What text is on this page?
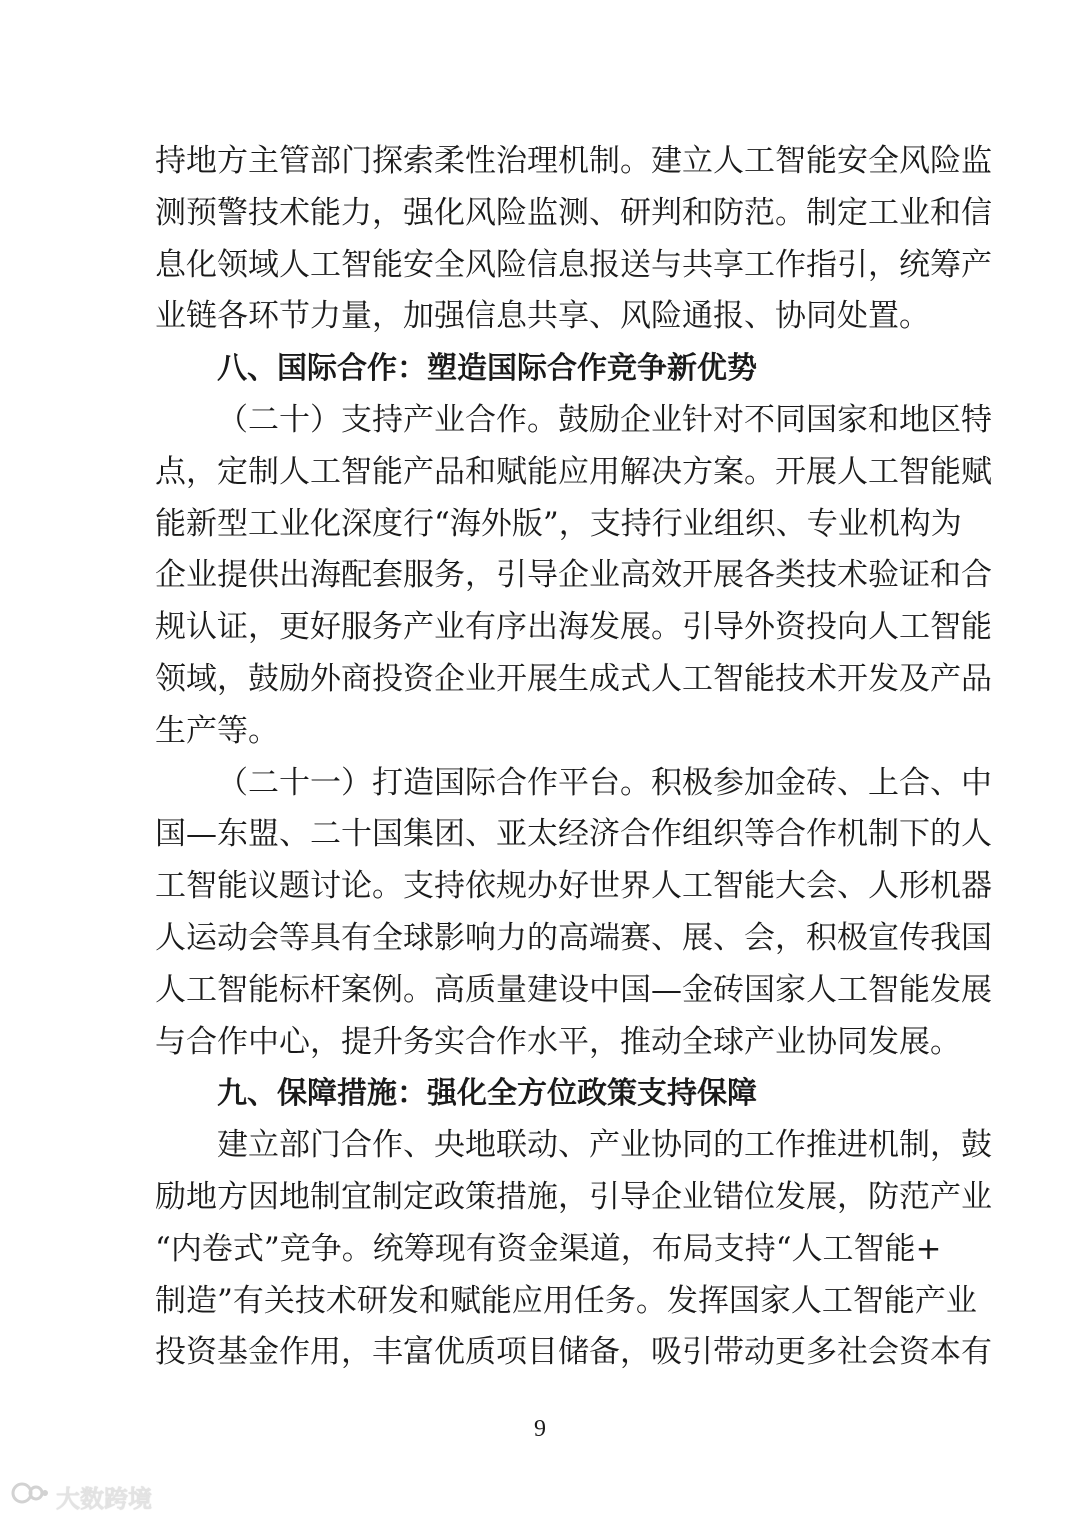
持地方主管部门探索柔性治理机制。建立人工智能安全风险监
测预警技术能力，强化风险监测、研判和防范。制定工业和信
息化领域人工智能安全风险信息报送与共享工作指引，统筹产
业链各环节力量，加强信息共享、风险通报、协同处置。
八、国际合作：塑造国际合作竞争新优势
（二十）支持产业合作。鼓励企业针对不同国家和地区特
点，定制人工智能产品和赋能应用解决方案。开展人工智能赋
能新型工业化深度行“海外版”，支持行业组织、专业机构为
企业提供出海配套服务，引导企业高效开展各类技术验证和合
规认证，更好服务产业有序出海发展。引导外资投向人工智能
领域，鼓励外商投资企业开展生成式人工智能技术开发及产品
生产等。
（二十一）打造国际合作平台。积极参加金砖、上合、中
国—东盟、二十国集团、亚太经济合作组织等合作机制下的人
工智能议题讨论。支持依规办好世界人工智能大会、人形机器
人运动会等具有全球影响力的高端赛、展、会，积极宣传我国
人工智能标杆案例。高质量建设中国—金砖国家人工智能发展
与合作中心，提升务实合作水平，推动全球产业协同发展。
九、保障措施：强化全方位政策支持保障
建立部门合作、央地联动、产业协同的工作推进机制，鼓
励地方因地制宜制定政策措施，引导企业错位发展，防范产业
“内卷式”竞争。统筹现有资金渠道，布局支持“人工智能+
制造”有关技术研发和赋能应用任务。发挥国家人工智能产业
投资基金作用，丰富优质项目储备，吸引带动更多社会资本有
9
大数跨境
